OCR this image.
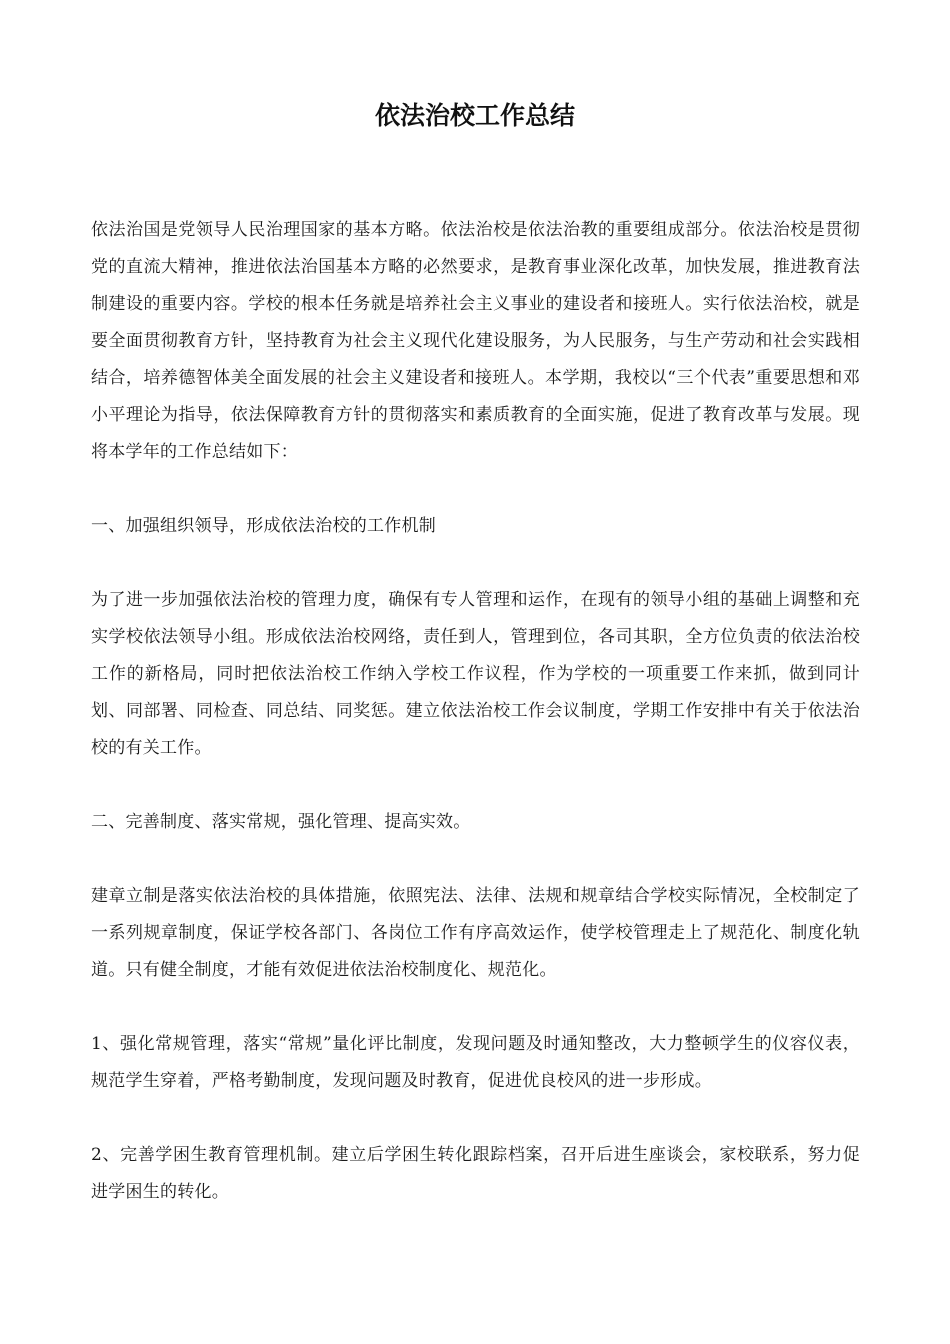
依法治校工作总结

依法治国是党领导人民治理国家的基本方略。依法治校是依法治教的重要组成部分。依法治校是贯彻党的直流大精神，推进依法治国基本方略的必然要求，是教育事业深化改革，加快发展，推进教育法制建设的重要内容。学校的根本任务就是培养社会主义事业的建设者和接班人。实行依法治校，就是要全面贯彻教育方针，坚持教育为社会主义现代化建设服务，为人民服务，与生产劳动和社会实践相结合，培养德智体美全面发展的社会主义建设者和接班人。本学期，我校以“三个代表”重要思想和邓小平理论为指导，依法保障教育方针的贯彻落实和素质教育的全面实施，促进了教育改革与发展。现将本学年的工作总结如下：

一、加强组织领导，形成依法治校的工作机制

为了进一步加强依法治校的管理力度，确保有专人管理和运作，在现有的领导小组的基础上调整和充实学校依法领导小组。形成依法治校网络，责任到人，管理到位，各司其职，全方位负责的依法治校工作的新格局，同时把依法治校工作纳入学校工作议程，作为学校的一项重要工作来抓，做到同计划、同部署、同检查、同总结、同奖惩。建立依法治校工作会议制度，学期工作安排中有关于依法治校的有关工作。

二、完善制度、落实常规，强化管理、提高实效。

建章立制是落实依法治校的具体措施，依照宪法、法律、法规和规章结合学校实际情况，全校制定了一系列规章制度，保证学校各部门、各岗位工作有序高效运作，使学校管理走上了规范化、制度化轨道。只有健全制度，才能有效促进依法治校制度化、规范化。

1、强化常规管理，落实“常规”量化评比制度，发现问题及时通知整改，大力整顿学生的仪容仪表，规范学生穿着，严格考勤制度，发现问题及时教育，促进优良校风的进一步形成。

2、完善学困生教育管理机制。建立后学困生转化跟踪档案，召开后进生座谈会，家校联系，努力促进学困生的转化。
